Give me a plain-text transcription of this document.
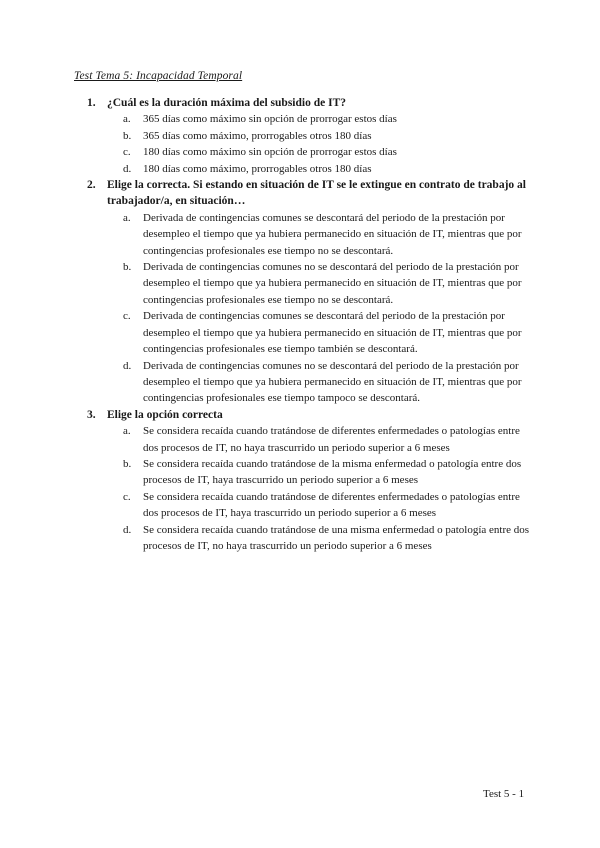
Test Tema 5: Incapacidad Temporal
1. ¿Cuál es la duración máxima del subsidio de IT?
a. 365 días como máximo sin opción de prorrogar estos días
b. 365 días como máximo, prorrogables otros 180 días
c. 180 días como máximo sin opción de prorrogar estos días
d. 180 días como máximo, prorrogables otros 180 días
2. Elige la correcta. Si estando en situación de IT se le extingue en contrato de trabajo al trabajador/a, en situación…
a. Derivada de contingencias comunes se descontará del periodo de la prestación por desempleo el tiempo que ya hubiera permanecido en situación de IT, mientras que por contingencias profesionales ese tiempo no se descontará.
b. Derivada de contingencias comunes no se descontará del periodo de la prestación por desempleo el tiempo que ya hubiera permanecido en situación de IT, mientras que por contingencias profesionales ese tiempo no se descontará.
c. Derivada de contingencias comunes se descontará del periodo de la prestación por desempleo el tiempo que ya hubiera permanecido en situación de IT, mientras que por contingencias profesionales ese tiempo también se descontará.
d. Derivada de contingencias comunes no se descontará del periodo de la prestación por desempleo el tiempo que ya hubiera permanecido en situación de IT, mientras que por contingencias profesionales ese tiempo tampoco se descontará.
3. Elige la opción correcta
a. Se considera recaída cuando tratándose de diferentes enfermedades o patologías entre dos procesos de IT, no haya trascurrido un periodo superior a 6 meses
b. Se considera recaída cuando tratándose de la misma enfermedad o patología entre dos procesos de IT, haya trascurrido un periodo superior a 6 meses
c. Se considera recaída cuando tratándose de diferentes enfermedades o patologías entre dos procesos de IT, haya trascurrido un periodo superior a 6 meses
d. Se considera recaída cuando tratándose de una misma enfermedad o patología entre dos procesos de IT, no haya trascurrido un periodo superior a 6 meses
Test 5 - 1
